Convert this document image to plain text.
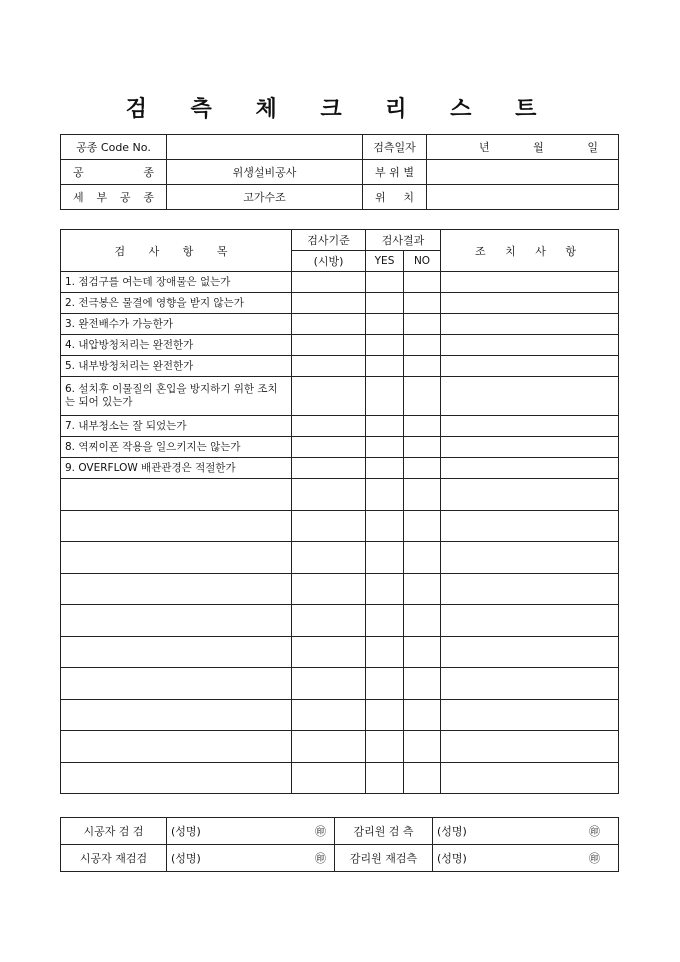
검 측 체 크 리 스 트
공종 Code No.		검측일자	년 월 일

공 종	위생설비공사	부 위 별	
세 부 공 종	고가수조	위 치	
검 사 항 목	검사기준	검사결과		조 치 사 항
	(시방)	YES	NO	
1. 점검구를 여는데 장애물은 없는가				
2. 전극봉은 물결에 영향을 받지 않는가				
3. 완전배수가 가능한가				
4. 내압방청처리는 완전한가				
5. 내부방청처리는 완전한가				
6. 설치후 이물질의 혼입을 방지하기 위한 조치는 되어 있는가				
7. 내부청소는 잘 되었는가				
8. 역찌이폰 작용을 일으키지는 않는가				
9. OVERFLOW 배관관경은 적절한가				

시공자 검 검	(성명) ㊞	감리원 검 측	(성명) ㊞

시공자 재검검	(성명) ㊞	감리원 재검측	(성명) ㊞
